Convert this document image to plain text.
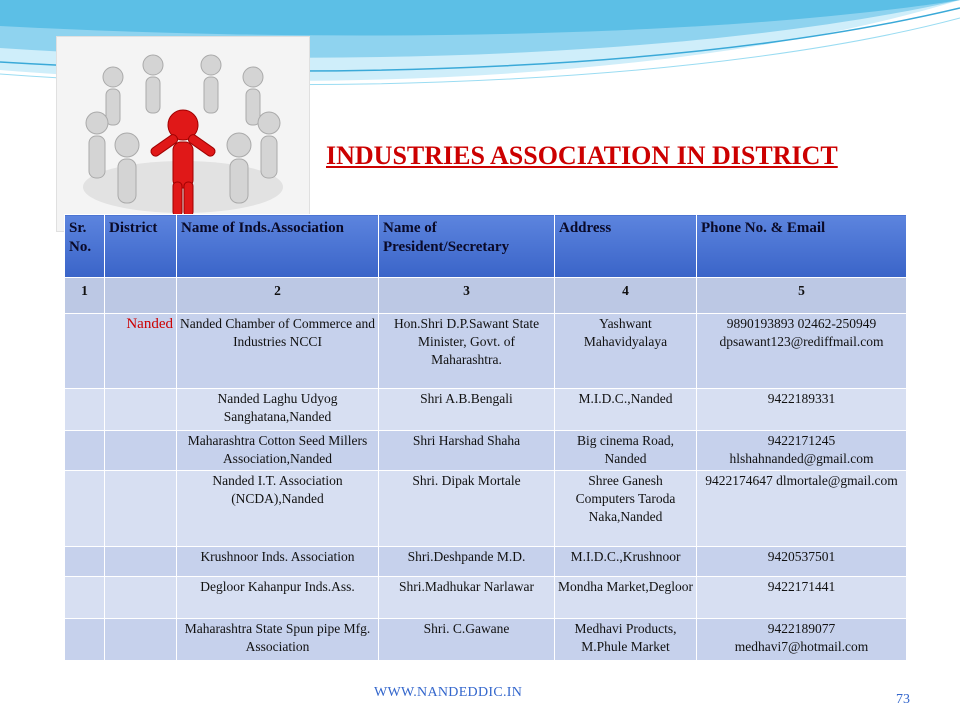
INDUSTRIES ASSOCIATION IN DISTRICT
Sr. No.	District	Name of Inds.Association	Name of President/Secretary	Address	Phone No. & Email
1		2	3	4	5
	Nanded	Nanded Chamber of Commerce and Industries NCCI	Hon.Shri D.P.Sawant State Minister, Govt. of Maharashtra.	Yashwant Mahavidyalaya	9890193893 02462-250949 dpsawant123@rediffmail.com
		Nanded Laghu Udyog Sanghatana,Nanded	Shri A.B.Bengali	M.I.D.C.,Nanded	9422189331
		Maharashtra Cotton Seed Millers Association,Nanded	Shri Harshad Shaha	Big cinema Road, Nanded	9422171245 hlshahnanded@gmail.com
		Nanded I.T. Association (NCDA),Nanded	Shri. Dipak Mortale	Shree Ganesh Computers Taroda Naka,Nanded	9422174647 dlmortale@gmail.com
		Krushnoor Inds. Association	Shri.Deshpande M.D.	M.I.D.C.,Krushnoor	9420537501
		Degloor Kahanpur Inds.Ass.	Shri.Madhukar Narlawar	Mondha Market,Degloor	9422171441
		Maharashtra State Spun pipe Mfg. Association	Shri. C.Gawane	Medhavi Products, M.Phule Market	9422189077 medhavi7@hotmail.com
WWW.NANDEDDIC.IN	73
